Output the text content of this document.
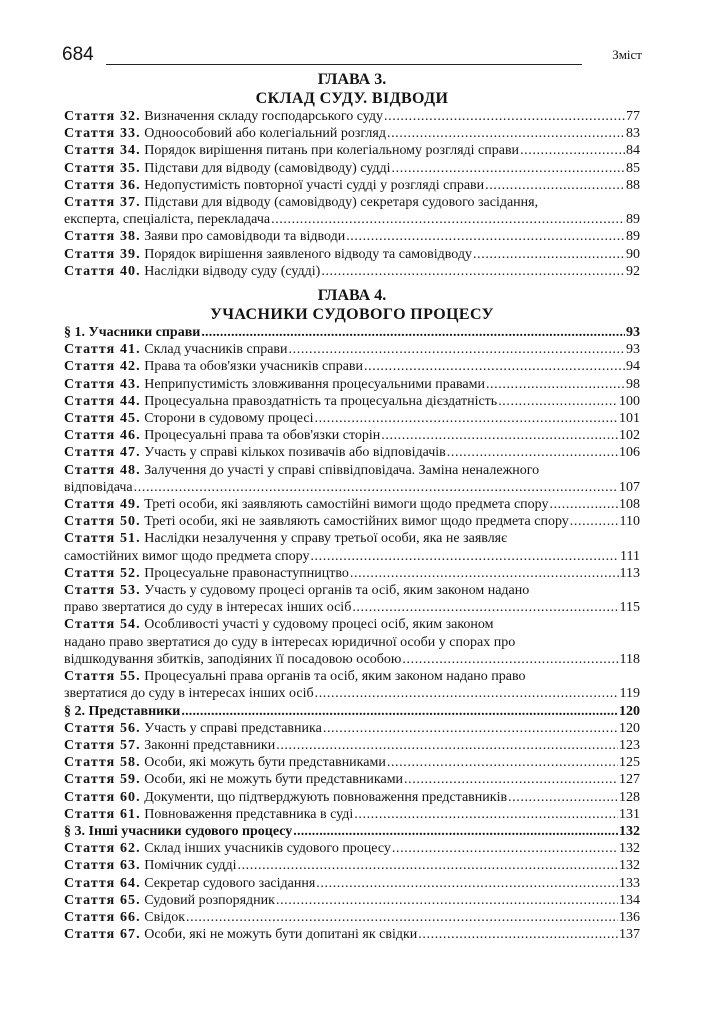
684	Зміст
ГЛАВА 3.
СКЛАД СУДУ. ВІДВОДИ
Стаття 32. Визначення складу господарського суду .....	77
Стаття 33. Одноособовий або колегіальний розгляд .....	83
Стаття 34. Порядок вирішення питань при колегіальному розгляді справи .....	84
Стаття 35. Підстави для відводу (самовідводу) судді .....	85
Стаття 36. Недопустимість повторної участі судді у розгляді справи .....	88
Стаття 37. Підстави для відводу (самовідводу) секретаря судового засідання,
експерта, спеціаліста, перекладача .....	89
Стаття 38. Заяви про самовідводи та відводи .....	89
Стаття 39. Порядок вирішення заявленого відводу та самовідводу .....	90
Стаття 40. Наслідки відводу суду (судді) .....	92
ГЛАВА 4.
УЧАСНИКИ СУДОВОГО ПРОЦЕСУ
§ 1. Учасники справи .....	93
Стаття 41. Склад учасників справи .....	93
Стаття 42. Права та обов'язки учасників справи .....	94
Стаття 43. Неприпустимість зловживання процесуальними правами .....	98
Стаття 44. Процесуальна правоздатність та процесуальна дієздатність .....	100
Стаття 45. Сторони в судовому процесі .....	101
Стаття 46. Процесуальні права та обов'язки сторін .....	102
Стаття 47. Участь у справі кількох позивачів або відповідачів .....	106
Стаття 48. Залучення до участі у справі співвідповідача. Заміна неналежного
відповідача .....	107
Стаття 49. Треті особи, які заявляють самостійні вимоги щодо предмета спору .....	108
Стаття 50. Треті особи, які не заявляють самостійних вимог щодо предмета спору .....	110
Стаття 51. Наслідки незалучення у справу третьої особи, яка не заявляє
самостійних вимог щодо предмета спору .....	111
Стаття 52. Процесуальне правонаступництво .....	113
Стаття 53. Участь у судовому процесі органів та осіб, яким законом надано
право звертатися до суду в інтересах інших осіб .....	115
Стаття 54. Особливості участі у судовому процесі осіб, яким законом
надано право звертатися до суду в інтересах юридичної особи у спорах про
відшкодування збитків, заподіяних її посадовою особою .....	118
Стаття 55. Процесуальні права органів та осіб, яким законом надано право
звертатися до суду в інтересах інших осіб .....	119
§ 2. Представники .....	120
Стаття 56. Участь у справі представника .....	120
Стаття 57. Законні представники .....	123
Стаття 58. Особи, які можуть бути представниками .....	125
Стаття 59. Особи, які не можуть бути представниками .....	127
Стаття 60. Документи, що підтверджують повноваження представників .....	128
Стаття 61. Повноваження представника в суді .....	131
§ 3. Інші учасники судового процесу .....	132
Стаття 62. Склад інших учасників судового процесу .....	132
Стаття 63. Помічник судді .....	132
Стаття 64. Секретар судового засідання .....	133
Стаття 65. Судовий розпорядник .....	134
Стаття 66. Свідок .....	136
Стаття 67. Особи, які не можуть бути допитані як свідки .....	137
